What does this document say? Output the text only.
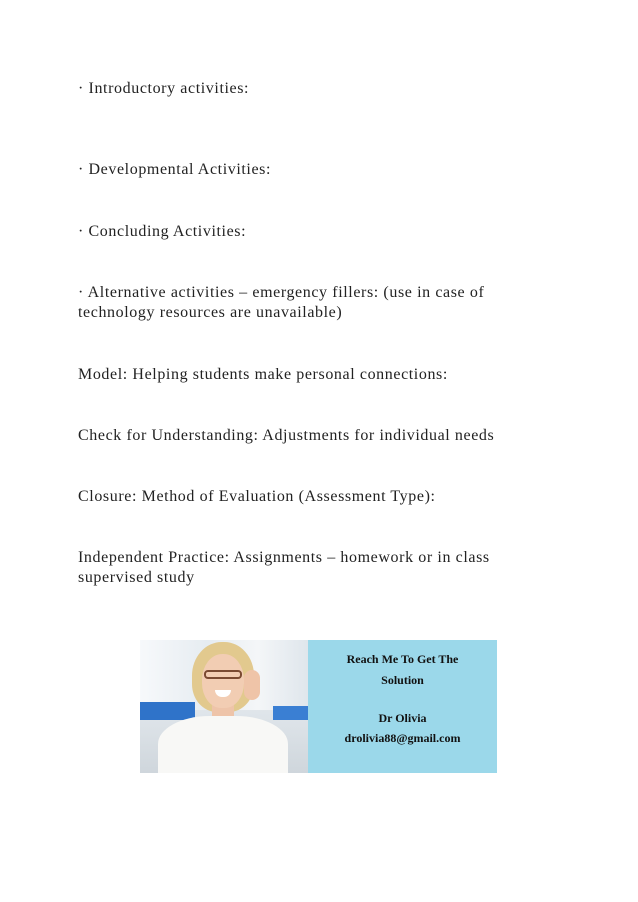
· Introductory activities:

· Developmental Activities:

· Concluding Activities:

· Alternative activities – emergency fillers: (use in case of technology resources are unavailable)

Model: Helping students make personal connections:

Check for Understanding: Adjustments for individual needs

Closure: Method of Evaluation (Assessment Type):

Independent Practice: Assignments – homework or in class supervised study

Reach Me To Get The
Solution
Dr Olivia
drolivia88@gmail.com
